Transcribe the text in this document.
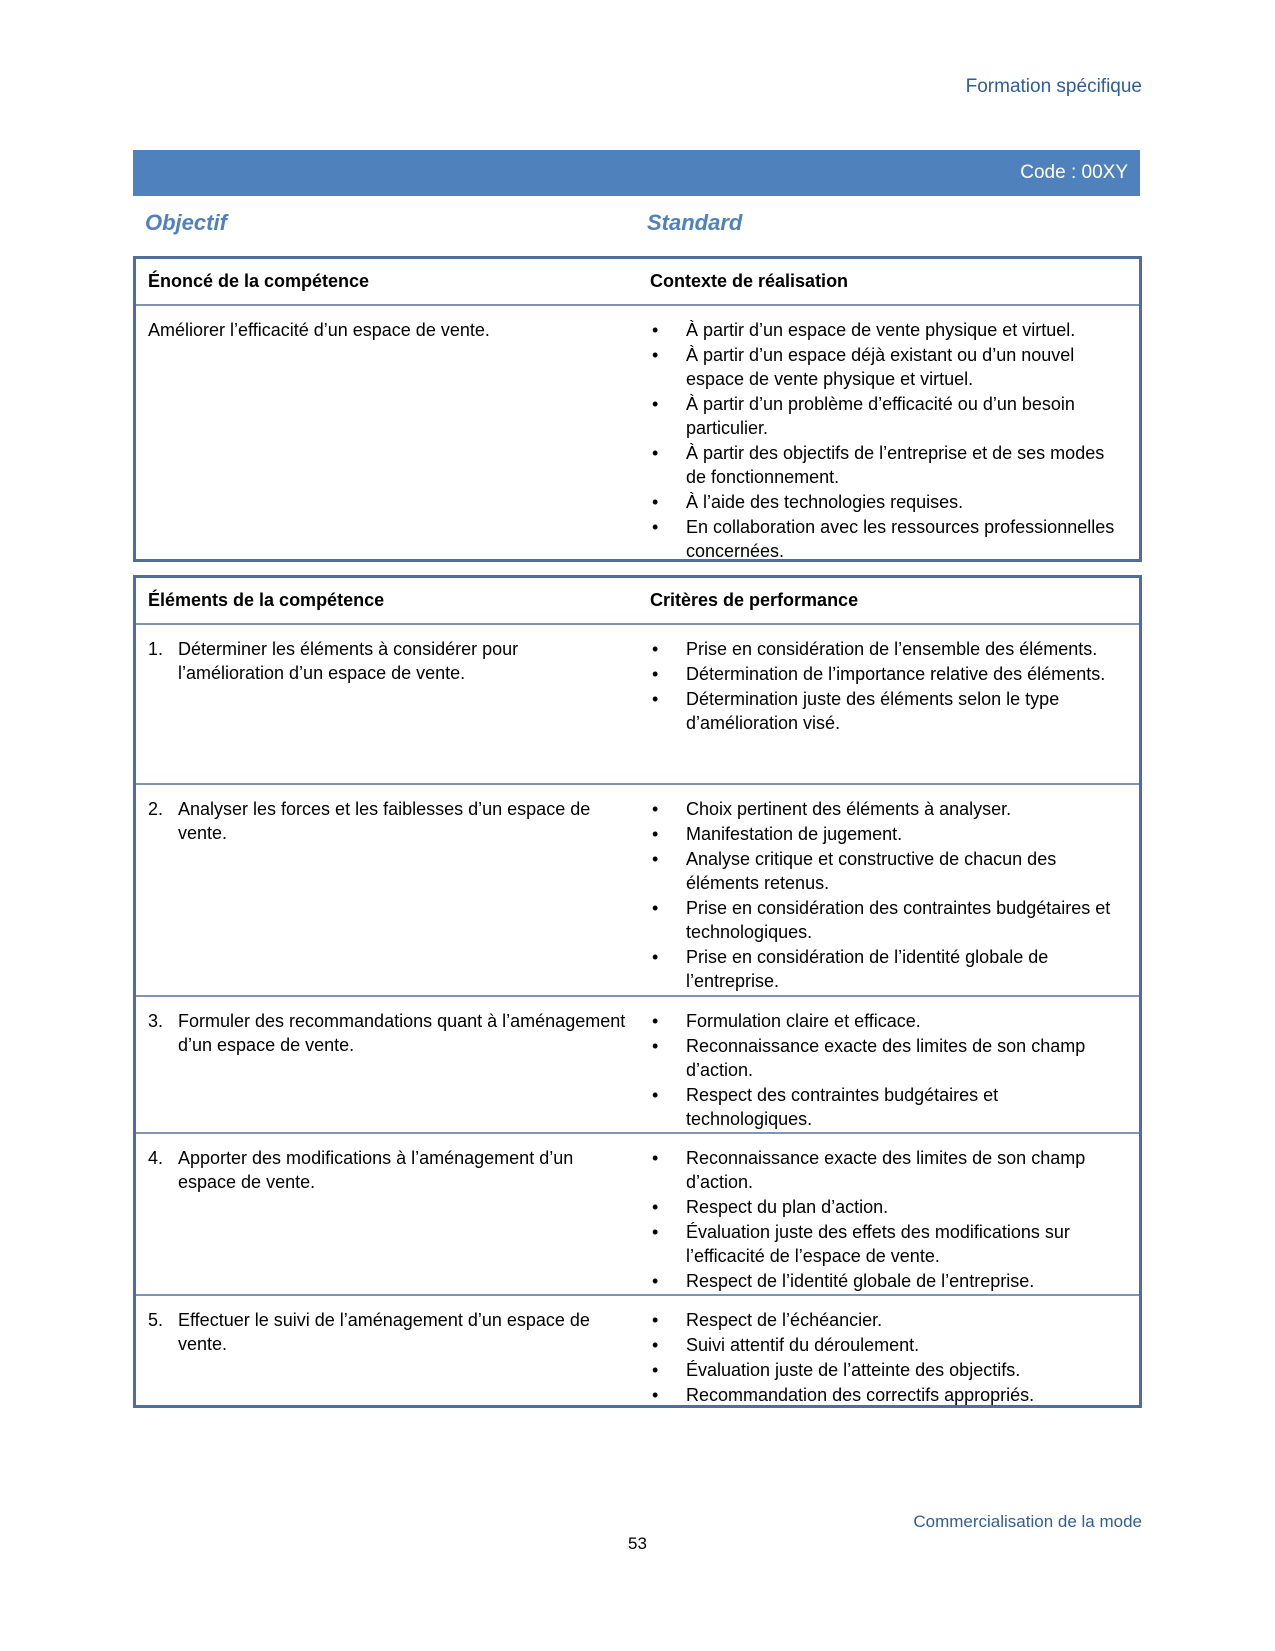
Formation spécifique
Code : 00XY
Objectif	Standard
Énoncé de la compétence	Contexte de réalisation
Améliorer l’efficacité d’un espace de vente.
•	À partir d’un espace de vente physique et virtuel.
• À partir d’un espace déjà existant ou d’un nouvel espace de vente physique et virtuel.
• À partir d’un problème d’efficacité ou d’un besoin particulier.
• À partir des objectifs de l’entreprise et de ses modes de fonctionnement.
• À l’aide des technologies requises.
• En collaboration avec les ressources professionnelles concernées.
Éléments de la compétence	Critères de performance
1. Déterminer les éléments à considérer pour l’amélioration d’un espace de vente.
• Prise en considération de l’ensemble des éléments.
• Détermination de l’importance relative des éléments.
• Détermination juste des éléments selon le type d’amélioration visé.
2. Analyser les forces et les faiblesses d’un espace de vente.
• Choix pertinent des éléments à analyser.
• Manifestation de jugement.
• Analyse critique et constructive de chacun des éléments retenus.
• Prise en considération des contraintes budgétaires et technologiques.
• Prise en considération de l’identité globale de l’entreprise.
3. Formuler des recommandations quant à l’aménagement d’un espace de vente.
• Formulation claire et efficace.
• Reconnaissance exacte des limites de son champ d’action.
• Respect des contraintes budgétaires et technologiques.
4. Apporter des modifications à l’aménagement d’un espace de vente.
• Reconnaissance exacte des limites de son champ d’action.
• Respect du plan d’action.
• Évaluation juste des effets des modifications sur l’efficacité de l’espace de vente.
• Respect de l’identité globale de l’entreprise.
5. Effectuer le suivi de l’aménagement d’un espace de vente.
• Respect de l’échéancier.
• Suivi attentif du déroulement.
• Évaluation juste de l’atteinte des objectifs.
• Recommandation des correctifs appropriés.
Commercialisation de la mode
53
